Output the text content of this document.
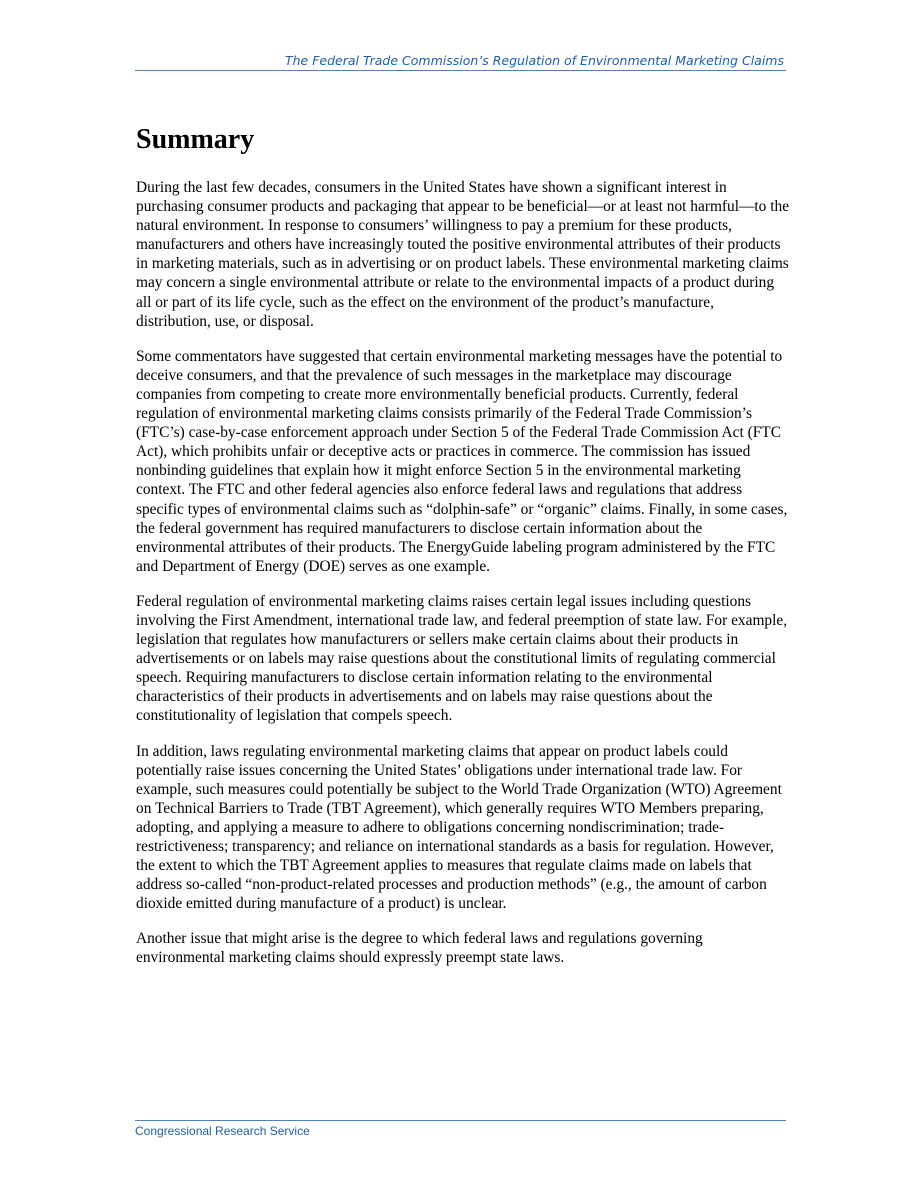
The Federal Trade Commission’s Regulation of Environmental Marketing Claims
Summary

During the last few decades, consumers in the United States have shown a significant interest in purchasing consumer products and packaging that appear to be beneficial—or at least not harmful—to the natural environment. In response to consumers’ willingness to pay a premium for these products, manufacturers and others have increasingly touted the positive environmental attributes of their products in marketing materials, such as in advertising or on product labels. These environmental marketing claims may concern a single environmental attribute or relate to the environmental impacts of a product during all or part of its life cycle, such as the effect on the environment of the product’s manufacture, distribution, use, or disposal.

Some commentators have suggested that certain environmental marketing messages have the potential to deceive consumers, and that the prevalence of such messages in the marketplace may discourage companies from competing to create more environmentally beneficial products. Currently, federal regulation of environmental marketing claims consists primarily of the Federal Trade Commission’s (FTC’s) case-by-case enforcement approach under Section 5 of the Federal Trade Commission Act (FTC Act), which prohibits unfair or deceptive acts or practices in commerce. The commission has issued nonbinding guidelines that explain how it might enforce Section 5 in the environmental marketing context. The FTC and other federal agencies also enforce federal laws and regulations that address specific types of environmental claims such as “dolphin-safe” or “organic” claims. Finally, in some cases, the federal government has required manufacturers to disclose certain information about the environmental attributes of their products. The EnergyGuide labeling program administered by the FTC and Department of Energy (DOE) serves as one example.

Federal regulation of environmental marketing claims raises certain legal issues including questions involving the First Amendment, international trade law, and federal preemption of state law. For example, legislation that regulates how manufacturers or sellers make certain claims about their products in advertisements or on labels may raise questions about the constitutional limits of regulating commercial speech. Requiring manufacturers to disclose certain information relating to the environmental characteristics of their products in advertisements and on labels may raise questions about the constitutionality of legislation that compels speech.

In addition, laws regulating environmental marketing claims that appear on product labels could potentially raise issues concerning the United States’ obligations under international trade law. For example, such measures could potentially be subject to the World Trade Organization (WTO) Agreement on Technical Barriers to Trade (TBT Agreement), which generally requires WTO Members preparing, adopting, and applying a measure to adhere to obligations concerning nondiscrimination; trade-restrictiveness; transparency; and reliance on international standards as a basis for regulation. However, the extent to which the TBT Agreement applies to measures that regulate claims made on labels that address so-called “non-product-related processes and production methods” (e.g., the amount of carbon dioxide emitted during manufacture of a product) is unclear.

Another issue that might arise is the degree to which federal laws and regulations governing environmental marketing claims should expressly preempt state laws.

Congressional Research Service
